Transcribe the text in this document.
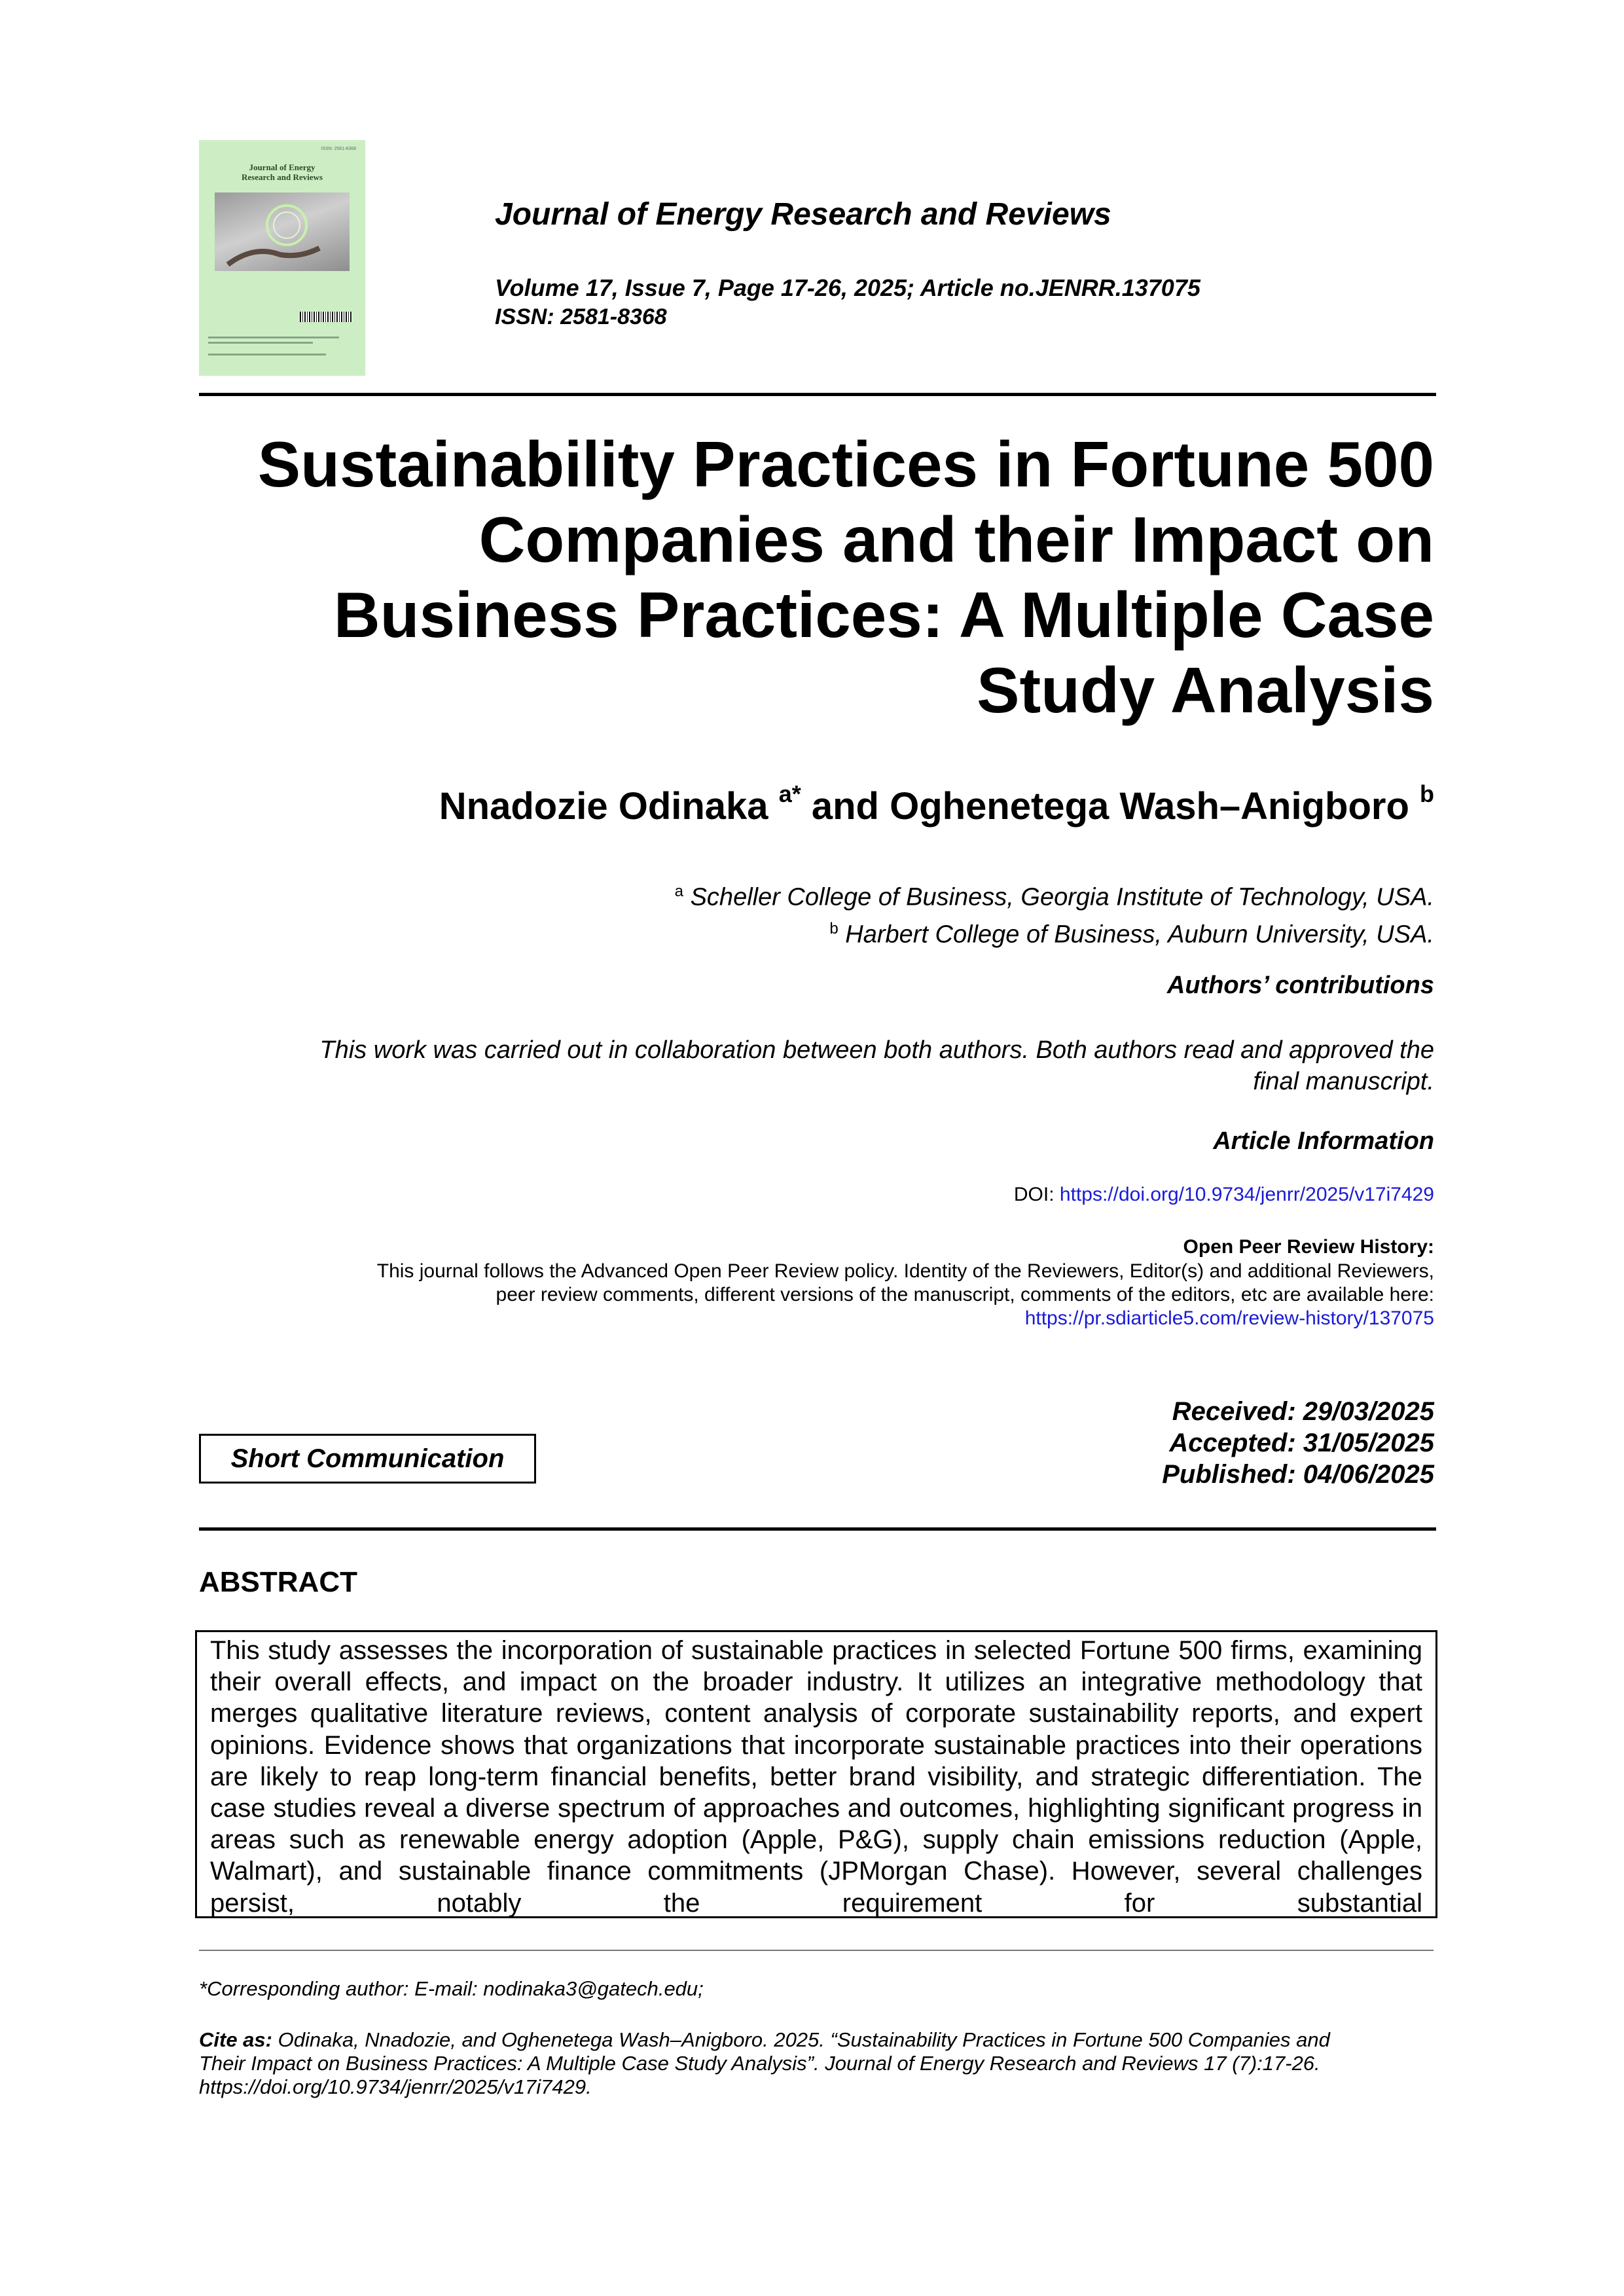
ISSN: 2581-8368
Journal of Energy
Research and Reviews
Journal of Energy Research and Reviews
Volume 17, Issue 7, Page 17-26, 2025; Article no.JENRR.137075
ISSN: 2581-8368
Sustainability Practices in Fortune 500
Companies and their Impact on
Business Practices: A Multiple Case
Study Analysis
Nnadozie Odinaka $^{a*}$ and Oghenetega Wash–Anigboro $^b$
$^a$ Scheller College of Business, Georgia Institute of Technology, USA.
$^b$ Harbert College of Business, Auburn University, USA.
Authors’ contributions
This work was carried out in collaboration between both authors. Both authors read and approved the
final manuscript.
Article Information
DOI: https://doi.org/10.9734/jenrr/2025/v17i7429
Open Peer Review History:
This journal follows the Advanced Open Peer Review policy. Identity of the Reviewers, Editor(s) and additional Reviewers,
peer review comments, different versions of the manuscript, comments of the editors, etc are available here:
https://pr.sdiarticle5.com/review-history/137075
Short Communication
Received: 29/03/2025
Accepted: 31/05/2025
Published: 04/06/2025
ABSTRACT
This study assesses the incorporation of sustainable practices in selected Fortune 500 firms, examining their overall effects, and impact on the broader industry. It utilizes an integrative methodology that merges qualitative literature reviews, content analysis of corporate sustainability reports, and expert opinions. Evidence shows that organizations that incorporate sustainable practices into their operations are likely to reap long-term financial benefits, better brand visibility, and strategic differentiation. The case studies reveal a diverse spectrum of approaches and outcomes, highlighting significant progress in areas such as renewable energy adoption (Apple, P&G), supply chain emissions reduction (Apple, Walmart), and sustainable finance commitments (JPMorgan Chase). However, several challenges persist, notably the requirement for substantial
*Corresponding author: E-mail: nodinaka3@gatech.edu;
Cite as: Odinaka, Nnadozie, and Oghenetega Wash–Anigboro. 2025. “Sustainability Practices in Fortune 500 Companies and
Their Impact on Business Practices: A Multiple Case Study Analysis”. Journal of Energy Research and Reviews 17 (7):17-26.
https://doi.org/10.9734/jenrr/2025/v17i7429.
